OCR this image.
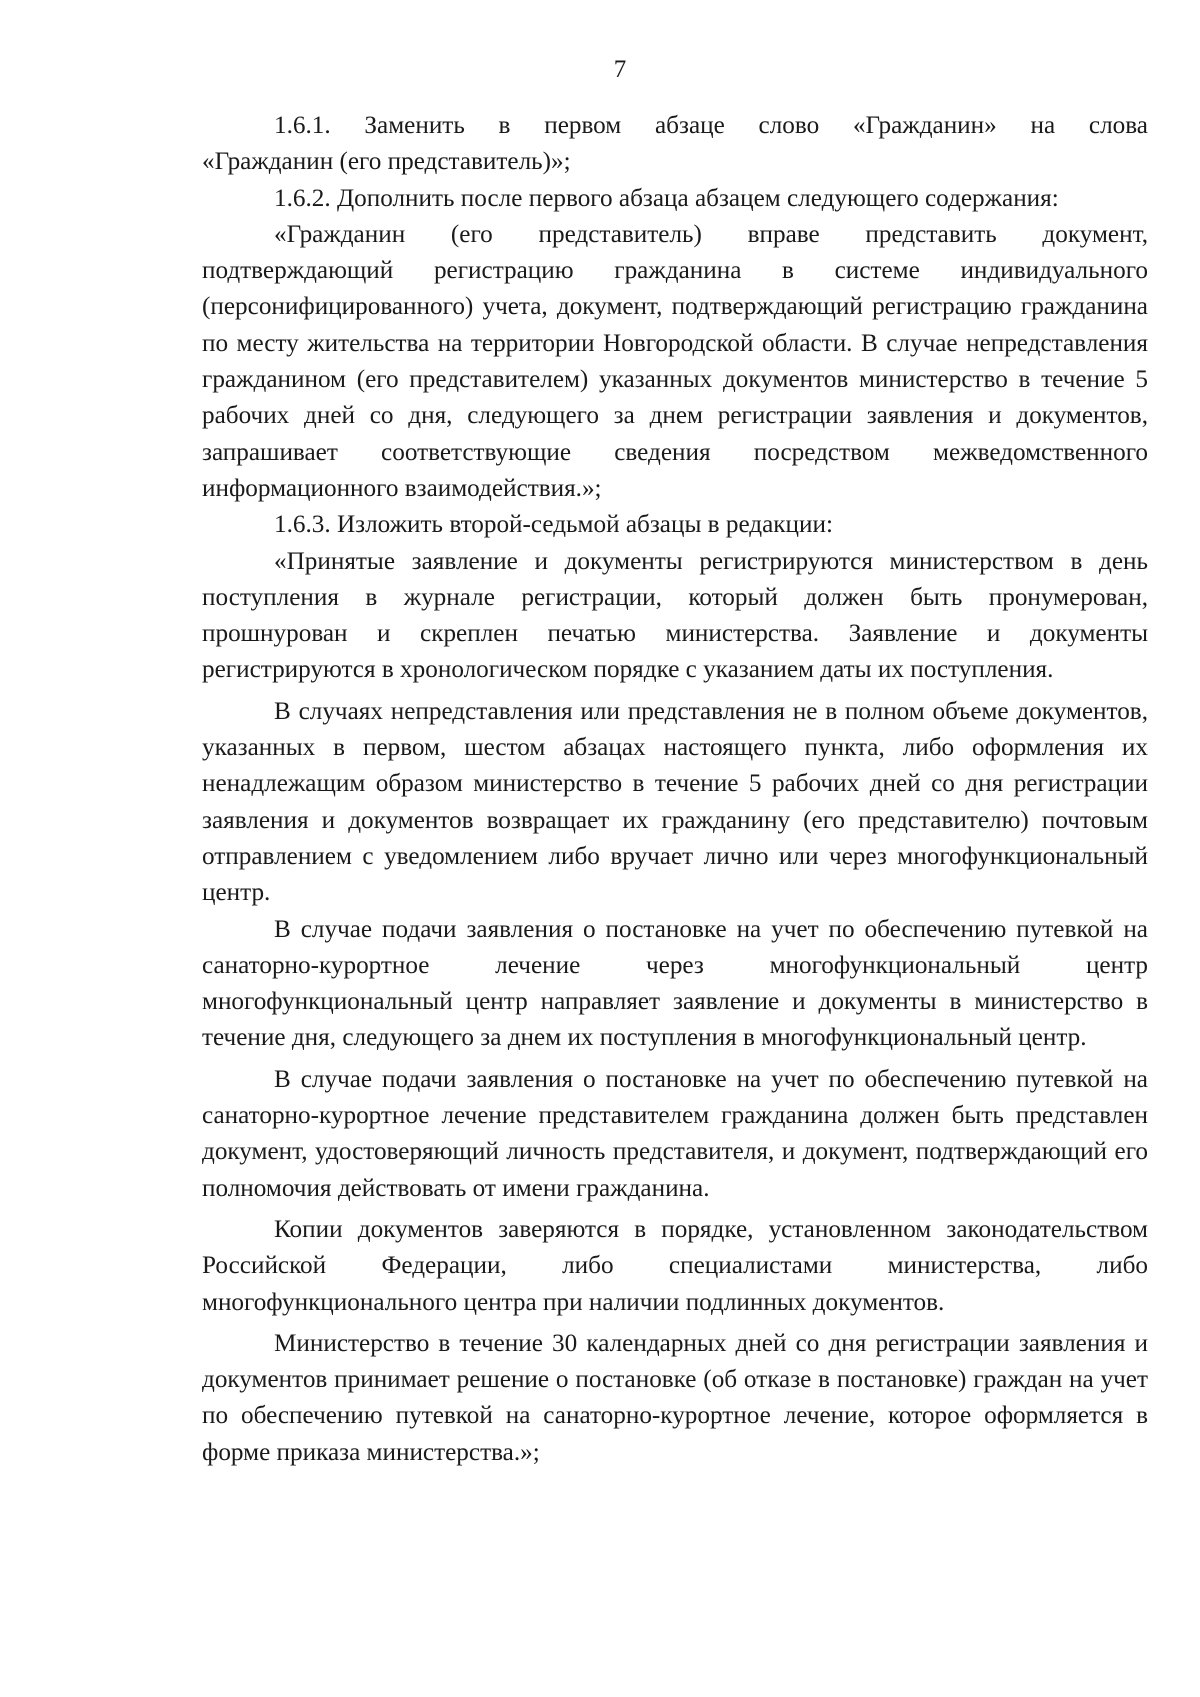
7

1.6.1. Заменить в первом абзаце слово «Гражданин» на слова

«Гражданин (его представитель)»;

1.6.2. Дополнить после первого абзаца абзацем следующего содержания:

«Гражданин (его представитель) вправе представить документ, подтверждающий регистрацию гражданина в системе индивидуального (персонифицированного) учета, документ, подтверждающий регистрацию гражданина по месту жительства на территории Новгородской области. В случае непредставления гражданином (его представителем) указанных документов министерство в течение 5 рабочих дней со дня, следующего за днем регистрации заявления и документов, запрашивает соответствующие сведения посредством межведомственного информационного взаимодействия.»;

1.6.3. Изложить второй-седьмой абзацы в редакции:

«Принятые заявление и документы регистрируются министерством в день поступления в журнале регистрации, который должен быть пронумерован, прошнурован и скреплен печатью министерства. Заявление и документы регистрируются в хронологическом порядке с указанием даты их поступления.

В случаях непредставления или представления не в полном объеме документов, указанных в первом, шестом абзацах настоящего пункта, либо оформления их ненадлежащим образом министерство в течение 5 рабочих дней со дня регистрации заявления и документов возвращает их гражданину (его представителю) почтовым отправлением с уведомлением либо вручает лично или через многофункциональный центр.

В случае подачи заявления о постановке на учет по обеспечению путевкой на санаторно-курортное лечение через многофункциональный центр многофункциональный центр направляет заявление и документы в министерство в течение дня, следующего за днем их поступления в многофункциональный центр.

В случае подачи заявления о постановке на учет по обеспечению путевкой на санаторно-курортное лечение представителем гражданина должен быть представлен документ, удостоверяющий личность представителя, и документ, подтверждающий его полномочия действовать от имени гражданина.

Копии документов заверяются в порядке, установленном законодательством Российской Федерации, либо специалистами министерства, либо многофункционального центра при наличии подлинных документов.

Министерство в течение 30 календарных дней со дня регистрации заявления и документов принимает решение о постановке (об отказе в постановке) граждан на учет по обеспечению путевкой на санаторно-курортное лечение, которое оформляется в форме приказа министерства.»;
